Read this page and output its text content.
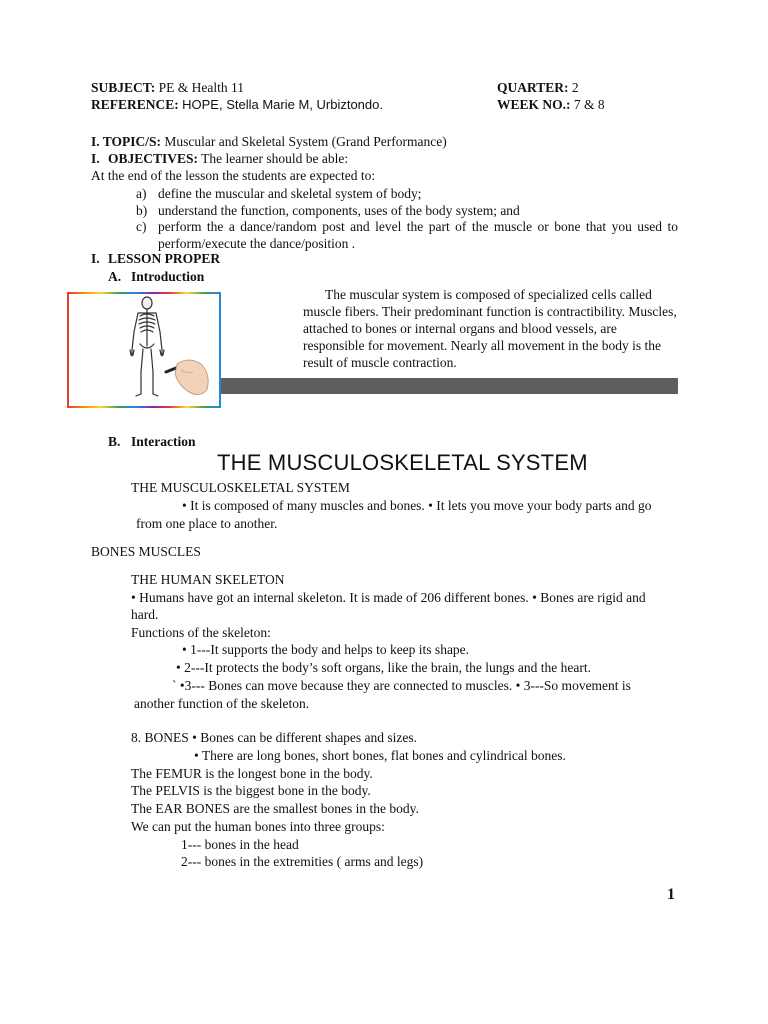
SUBJECT: PE & Health 11	QUARTER: 2
REFERENCE: HOPE, Stella Marie M, Urbiztondo.	WEEK NO.: 7 & 8
I. TOPIC/S: Muscular and Skeletal System (Grand Performance)
I. OBJECTIVES: The learner should be able:
At the end of the lesson the students are expected to:
a) define the muscular and skeletal system of body;
b) understand the function, components, uses of the body system; and
c) perform the a dance/random post and level the part of the muscle or bone that you used to perform/execute the dance/position .
I. LESSON PROPER
A. Introduction
The muscular system is composed of specialized cells called muscle fibers. Their predominant function is contractibility. Muscles, attached to bones or internal organs and blood vessels, are responsible for movement. Nearly all movement in the body is the result of muscle contraction.
B. Interaction
THE MUSCULOSKELETAL SYSTEM
THE MUSCULOSKELETAL SYSTEM
• It is composed of many muscles and bones. • It lets you move your body parts and go
from one place to another.
BONES MUSCLES
THE HUMAN SKELETON
• Humans have got an internal skeleton. It is made of 206 different bones. • Bones are rigid and hard.
Functions of the skeleton:
• 1---It supports the body and helps to keep its shape.
• 2---It protects the body’s soft organs, like the brain, the lungs and the heart.
` •3--- Bones can move because they are connected to muscles. • 3---So movement is
another function of the skeleton.
8. BONES • Bones can be different shapes and sizes.
• There are long bones, short bones, flat bones and cylindrical bones.
The FEMUR is the longest bone in the body.
The PELVIS is the biggest bone in the body.
The EAR BONES are the smallest bones in the body.
We can put the human bones into three groups:
1--- bones in the head
2--- bones in the extremities ( arms and legs)
1
